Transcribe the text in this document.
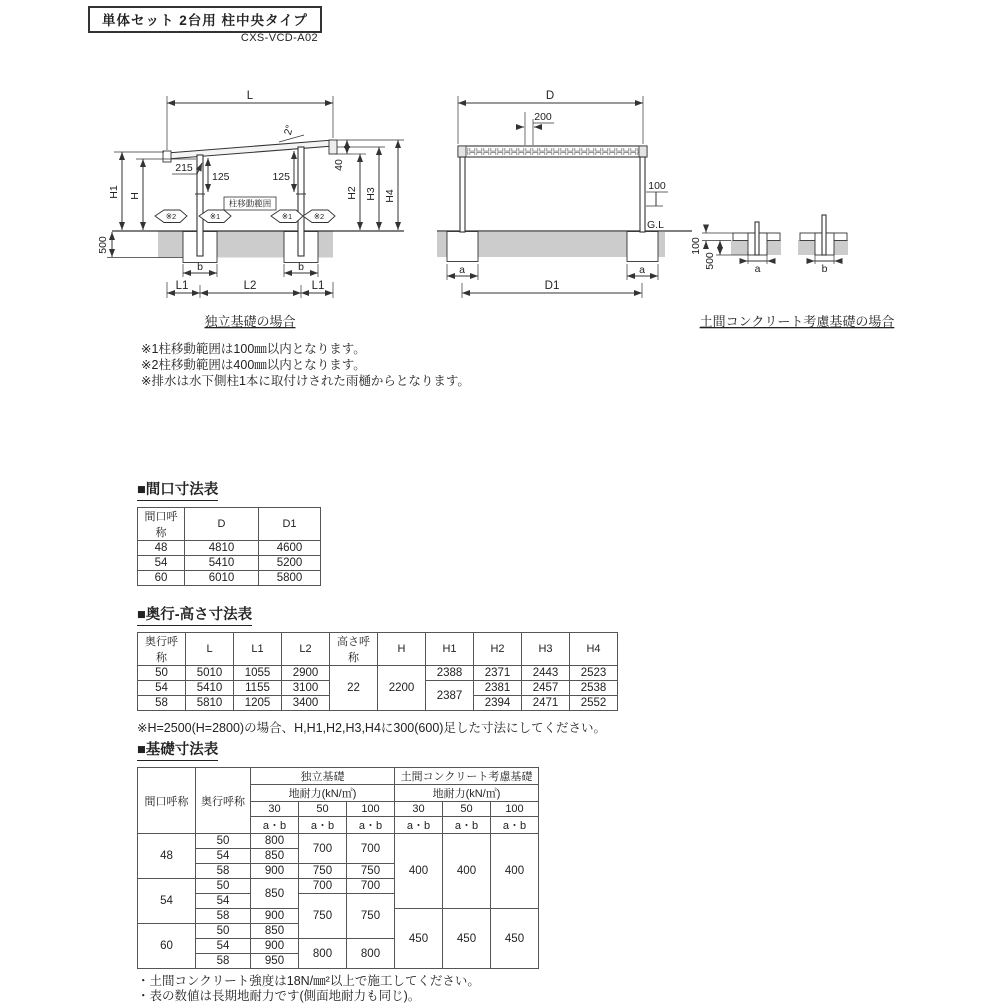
単体セット 2台用 柱中央タイプ
CXS-VCD-A02
L
2°
H1 H
215
125	125
柱移動範囲
※2	※1	※1	※2
40
H2 H3 H4
500
b	b
L1	L2	L1
独立基礎の場合
D
200
100
G.L
a	a
D1
100
500	a	b
土間コンクリート考慮基礎の場合
※1柱移動範囲は100㎜以内となります。
※2柱移動範囲は400㎜以内となります。
※排水は水下側柱1本に取付けされた雨樋からとなります。
■間口寸法表

間口呼称	D	D1
48	4810	4600
54	5410	5200
60	6010	5800
■奥行-高さ寸法表

奥行呼称	L	L1	L2	高さ呼称	H	H1	H2	H3	H4
50	5010	1055	2900	22	2200	2388	2371	2443	2523
54	5410	1155	3100			2387	2381	2457	2538
58	5810	1205	3400				2394	2471	2552
※H=2500(H=2800)の場合、H,H1,H2,H3,H4に300(600)足した寸法にしてください。
■基礎寸法表

間口呼称	奥行呼称	独立基礎			土間コンクリート考慮基礎		
		地耐力(kN/㎡)			地耐力(kN/㎡)		
		30	50	100	30	50	100
		a・b	a・b	a・b	a・b	a・b	a・b
48	50	800	700	700	400	400	400
	54	850					
	58	900	750	750			
54	50	850	700	700			
	54		750	750			
	58	900			450	450	450
60	50	850					
	54	900	800	800			
	58	950					
・土間コンクリート強度は18N/㎜²以上で施工してください。
・表の数値は長期地耐力です(側面地耐力も同じ)。
